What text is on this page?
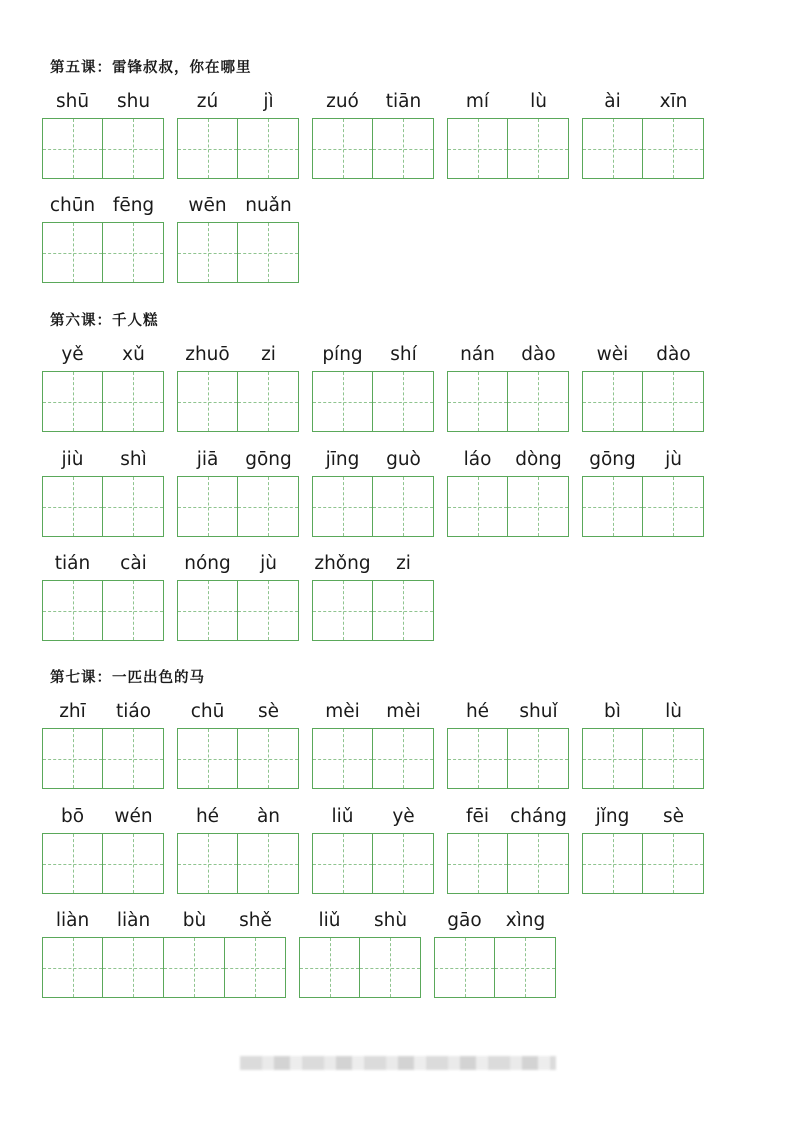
第五课：雷锋叔叔，你在哪里
shū	shu	zú	jì	zuó	tiān	mí	lù	ài	xīn
chūn fēng	wēn	nuǎn
第六课：千人糕
yě	xǔ	zhuō	zi	píng	shí	nán	dào	wèi	dào
jiù	shì	jiā	gōng	jīng	guò	láo	dòng	gōng	jù
tián	cài	nóng	jù	zhǒng	zi
第七课：一匹出色的马
zhī	tiáo	chū	sè	mèi	mèi	hé	shuǐ	bì	lù
bō	wén	hé	àn	liǔ	yè	fēi	cháng	jǐng	sè
liàn	liàn	bù	shě	liǔ	shù	gāo	xìng
